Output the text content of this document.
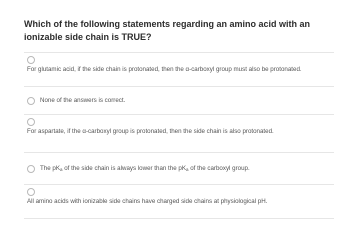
Which of the following statements regarding an amino acid with an ionizable side chain is TRUE?

For glutamic acid, if the side chain is protonated, then the α-carboxyl group must also be protonated.
None of the answers is correct.
For aspartate, if the α-carboxyl group is protonated, then the side chain is also protonated.
The $pK_a$ of the side chain is always lower than the $pK_a$ of the carboxyl group.
All amino acids with ionizable side chains have charged side chains at physiological pH.
